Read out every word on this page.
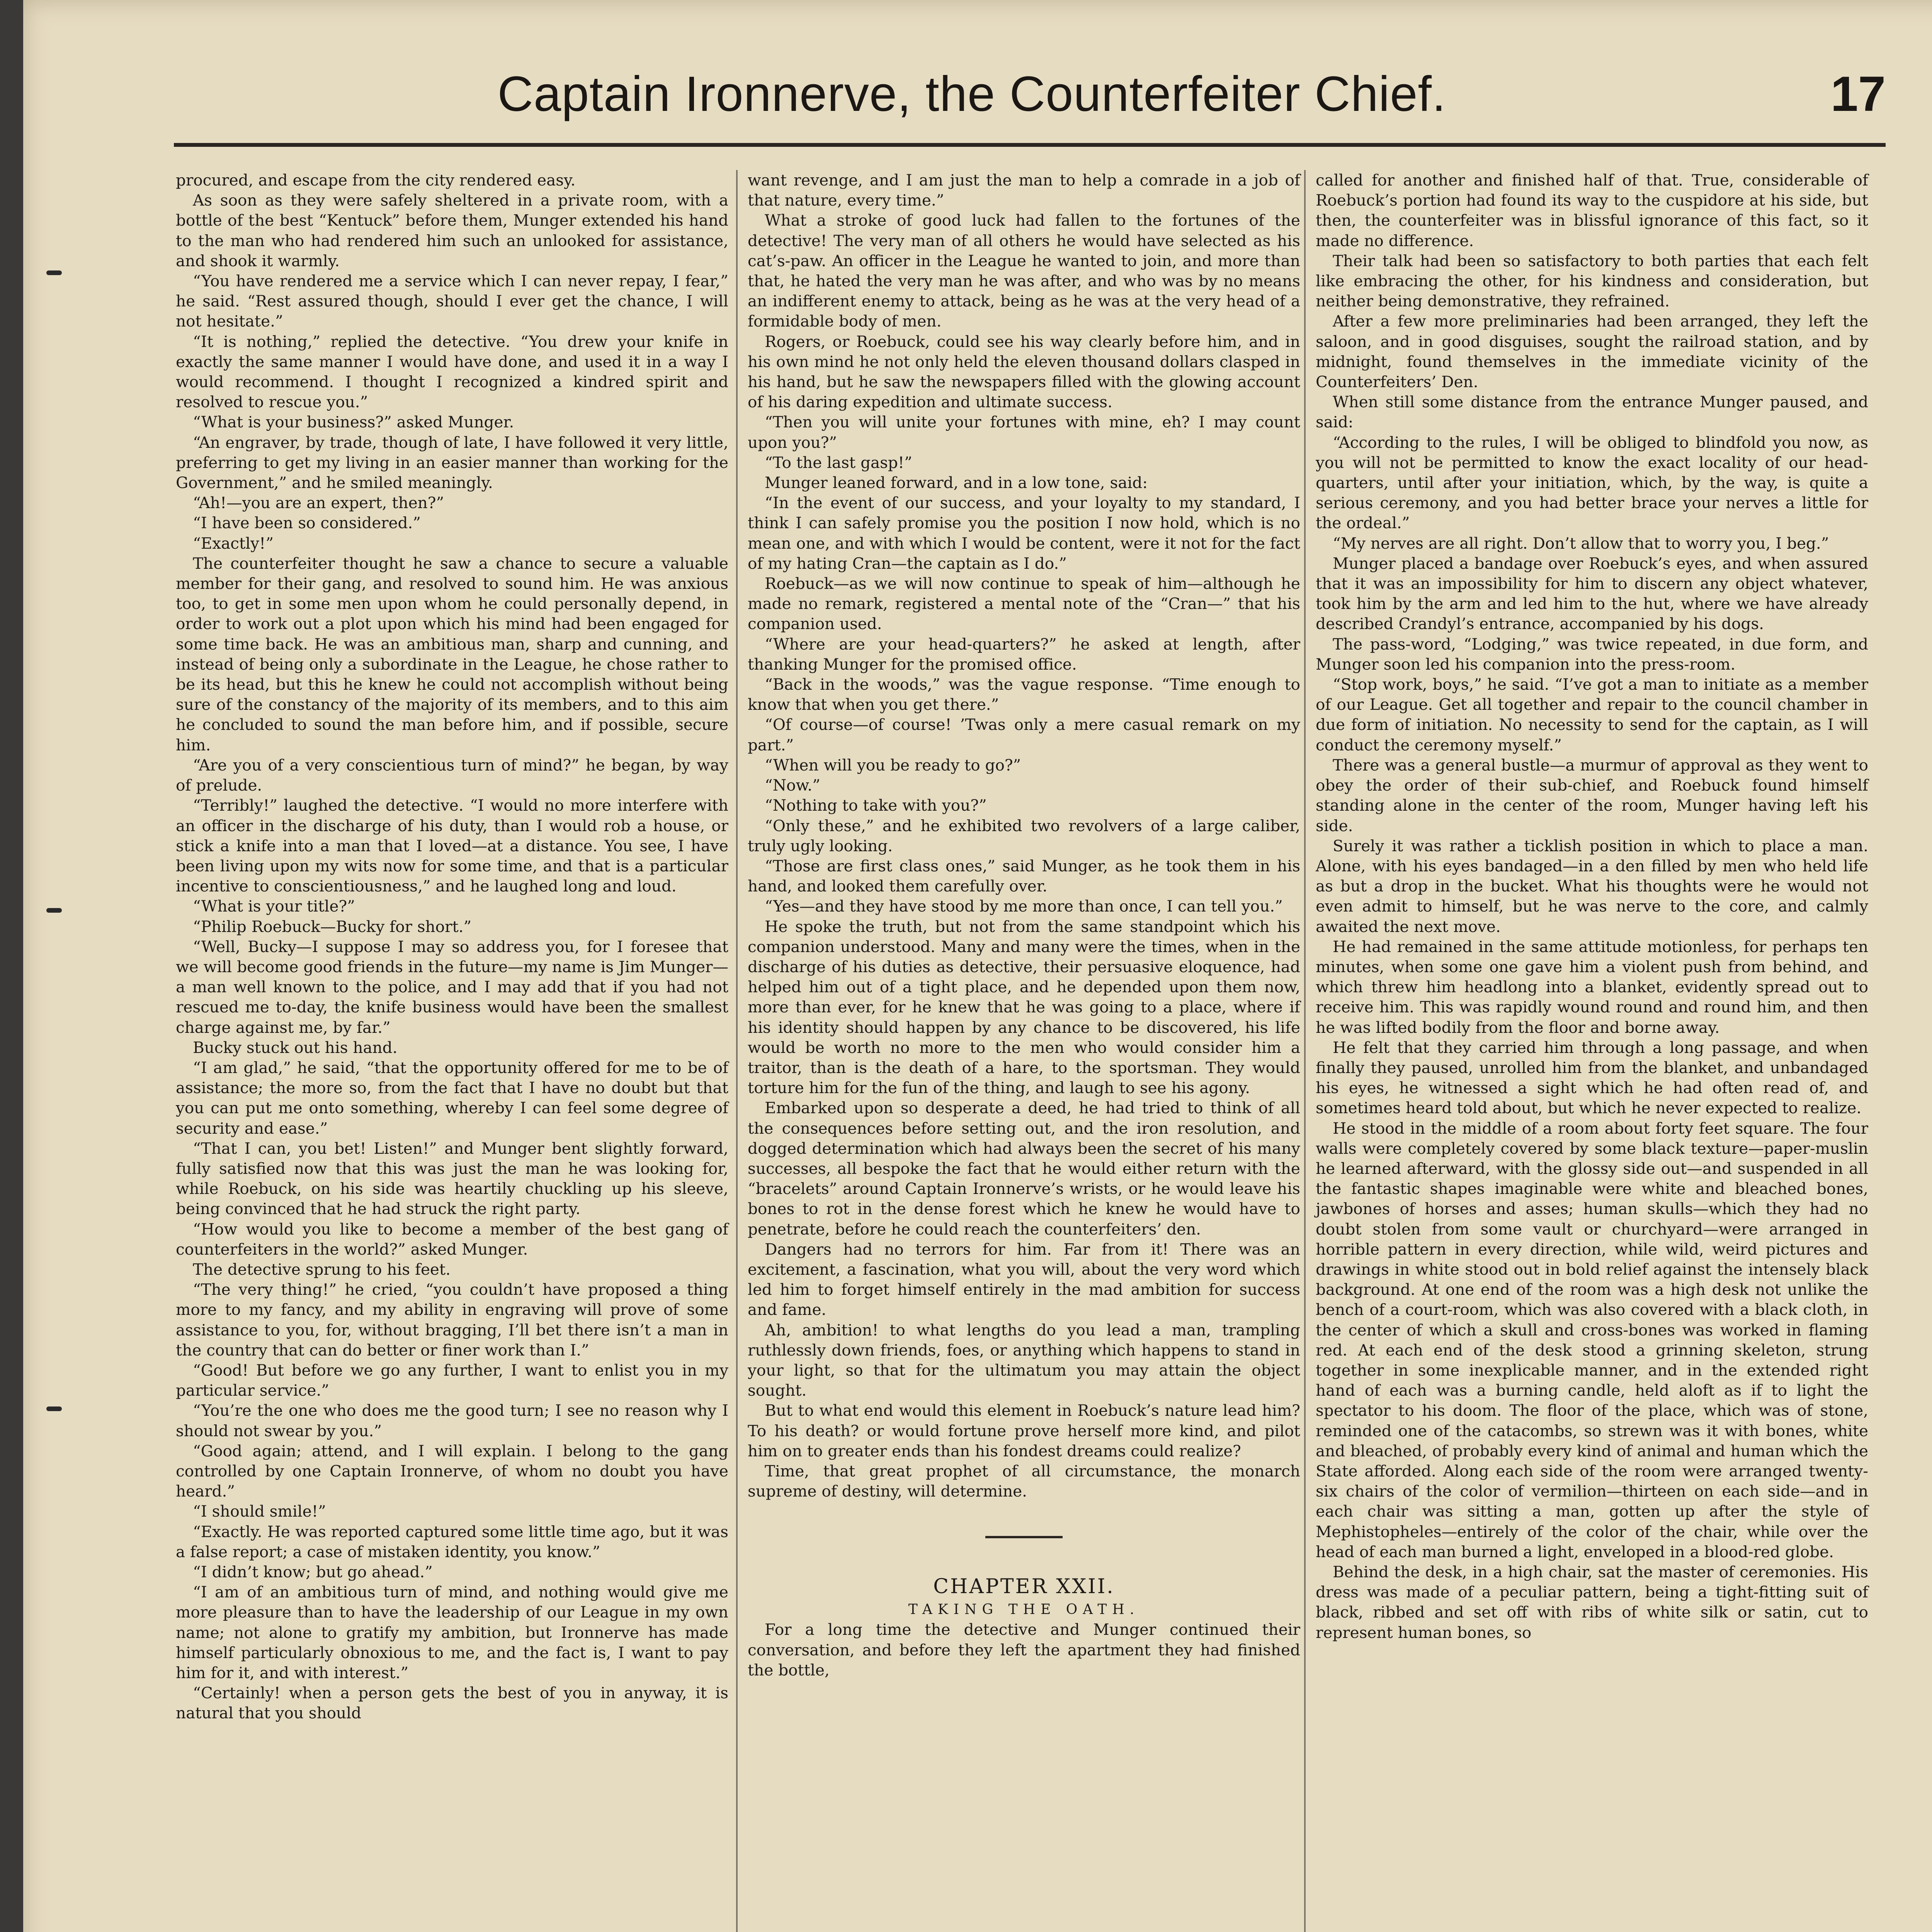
Captain Ironnerve, the Counterfeiter Chief.	17

procured, and escape from the city rendered easy.

As soon as they were safely sheltered in a private room, with a bottle of the best “Kentuck” before them, Munger extended his hand to the man who had rendered him such an unlooked for assistance, and shook it warmly.

“You have rendered me a service which I can never repay, I fear,” he said. “Rest assured though, should I ever get the chance, I will not hesitate.”

“It is nothing,” replied the detective. “You drew your knife in exactly the same manner I would have done, and used it in a way I would recommend. I thought I recognized a kindred spirit and resolved to rescue you.”

“What is your business?” asked Munger.

“An engraver, by trade, though of late, I have followed it very little, preferring to get my living in an easier manner than working for the Government,” and he smiled meaningly.

“Ah!—you are an expert, then?”

“I have been so considered.”

“Exactly!”

The counterfeiter thought he saw a chance to secure a valuable member for their gang, and resolved to sound him. He was anxious too, to get in some men upon whom he could personally depend, in order to work out a plot upon which his mind had been engaged for some time back. He was an ambitious man, sharp and cunning, and instead of being only a subordinate in the League, he chose rather to be its head, but this he knew he could not accomplish without being sure of the constancy of the majority of its members, and to this aim he concluded to sound the man before him, and if possible, secure him.

“Are you of a very conscientious turn of mind?” he began, by way of prelude.

“Terribly!” laughed the detective. “I would no more interfere with an officer in the discharge of his duty, than I would rob a house, or stick a knife into a man that I loved—at a distance. You see, I have been living upon my wits now for some time, and that is a particular incentive to conscientiousness,” and he laughed long and loud.

“What is your title?”

“Philip Roebuck—Bucky for short.”

“Well, Bucky—I suppose I may so address you, for I foresee that we will become good friends in the future—my name is Jim Munger—a man well known to the police, and I may add that if you had not rescued me to-day, the knife business would have been the smallest charge against me, by far.”

Bucky stuck out his hand.

“I am glad,” he said, “that the opportunity offered for me to be of assistance; the more so, from the fact that I have no doubt but that you can put me onto something, whereby I can feel some degree of security and ease.”

“That I can, you bet! Listen!” and Munger bent slightly forward, fully satisfied now that this was just the man he was looking for, while Roebuck, on his side was heartily chuckling up his sleeve, being convinced that he had struck the right party.

“How would you like to become a member of the best gang of counterfeiters in the world?” asked Munger.

The detective sprung to his feet.

“The very thing!” he cried, “you couldn’t have proposed a thing more to my fancy, and my ability in engraving will prove of some assistance to you, for, without bragging, I’ll bet there isn’t a man in the country that can do better or finer work than I.”

“Good! But before we go any further, I want to enlist you in my particular service.”

“You’re the one who does me the good turn; I see no reason why I should not swear by you.”

“Good again; attend, and I will explain. I belong to the gang controlled by one Captain Ironnerve, of whom no doubt you have heard.”

“I should smile!”

“Exactly. He was reported captured some little time ago, but it was a false report; a case of mistaken identity, you know.”

“I didn’t know; but go ahead.”

“I am of an ambitious turn of mind, and nothing would give me more pleasure than to have the leadership of our League in my own name; not alone to gratify my ambition, but Ironnerve has made himself particularly obnoxious to me, and the fact is, I want to pay him for it, and with interest.”

“Certainly! when a person gets the best of you in anyway, it is natural that you should

want revenge, and I am just the man to help a comrade in a job of that nature, every time.”

What a stroke of good luck had fallen to the fortunes of the detective! The very man of all others he would have selected as his cat’s-paw. An officer in the League he wanted to join, and more than that, he hated the very man he was after, and who was by no means an indifferent enemy to attack, being as he was at the very head of a formidable body of men.

Rogers, or Roebuck, could see his way clearly before him, and in his own mind he not only held the eleven thousand dollars clasped in his hand, but he saw the newspapers filled with the glowing account of his daring expedition and ultimate success.

“Then you will unite your fortunes with mine, eh? I may count upon you?”

“To the last gasp!”

Munger leaned forward, and in a low tone, said:

“In the event of our success, and your loyalty to my standard, I think I can safely promise you the position I now hold, which is no mean one, and with which I would be content, were it not for the fact of my hating Cran—the captain as I do.”

Roebuck—as we will now continue to speak of him—although he made no remark, registered a mental note of the “Cran—” that his companion used.

“Where are your head-quarters?” he asked at length, after thanking Munger for the promised office.

“Back in the woods,” was the vague response. “Time enough to know that when you get there.”

“Of course—of course! ’Twas only a mere casual remark on my part.”

“When will you be ready to go?”

“Now.”

“Nothing to take with you?”

“Only these,” and he exhibited two revolvers of a large caliber, truly ugly looking.

“Those are first class ones,” said Munger, as he took them in his hand, and looked them carefully over.

“Yes—and they have stood by me more than once, I can tell you.”

He spoke the truth, but not from the same standpoint which his companion understood. Many and many were the times, when in the discharge of his duties as detective, their persuasive eloquence, had helped him out of a tight place, and he depended upon them now, more than ever, for he knew that he was going to a place, where if his identity should happen by any chance to be discovered, his life would be worth no more to the men who would consider him a traitor, than is the death of a hare, to the sportsman. They would torture him for the fun of the thing, and laugh to see his agony.

Embarked upon so desperate a deed, he had tried to think of all the consequences before setting out, and the iron resolution, and dogged determination which had always been the secret of his many successes, all bespoke the fact that he would either return with the “bracelets” around Captain Ironnerve’s wrists, or he would leave his bones to rot in the dense forest which he knew he would have to penetrate, before he could reach the counterfeiters’ den.

Dangers had no terrors for him. Far from it! There was an excitement, a fascination, what you will, about the very word which led him to forget himself entirely in the mad ambition for success and fame.

Ah, ambition! to what lengths do you lead a man, trampling ruthlessly down friends, foes, or anything which happens to stand in your light, so that for the ultimatum you may attain the object sought.

But to what end would this element in Roebuck’s nature lead him? To his death? or would fortune prove herself more kind, and pilot him on to greater ends than his fondest dreams could realize?

Time, that great prophet of all circumstance, the monarch supreme of destiny, will determine.

CHAPTER XXII.

TAKING THE OATH.

For a long time the detective and Munger continued their conversation, and before they left the apartment they had finished the bottle,

called for another and finished half of that. True, considerable of Roebuck’s portion had found its way to the cuspidore at his side, but then, the counterfeiter was in blissful ignorance of this fact, so it made no difference.

Their talk had been so satisfactory to both parties that each felt like embracing the other, for his kindness and consideration, but neither being demonstrative, they refrained.

After a few more preliminaries had been arranged, they left the saloon, and in good disguises, sought the railroad station, and by midnight, found themselves in the immediate vicinity of the Counterfeiters’ Den.

When still some distance from the entrance Munger paused, and said:

“According to the rules, I will be obliged to blindfold you now, as you will not be permitted to know the exact locality of our head-quarters, until after your initiation, which, by the way, is quite a serious ceremony, and you had better brace your nerves a little for the ordeal.”

“My nerves are all right. Don’t allow that to worry you, I beg.”

Munger placed a bandage over Roebuck’s eyes, and when assured that it was an impossibility for him to discern any object whatever, took him by the arm and led him to the hut, where we have already described Crandyl’s entrance, accompanied by his dogs.

The pass-word, “Lodging,” was twice repeated, in due form, and Munger soon led his companion into the press-room.

“Stop work, boys,” he said. “I’ve got a man to initiate as a member of our League. Get all together and repair to the council chamber in due form of initiation. No necessity to send for the captain, as I will conduct the ceremony myself.”

There was a general bustle—a murmur of approval as they went to obey the order of their sub-chief, and Roebuck found himself standing alone in the center of the room, Munger having left his side.

Surely it was rather a ticklish position in which to place a man. Alone, with his eyes bandaged—in a den filled by men who held life as but a drop in the bucket. What his thoughts were he would not even admit to himself, but he was nerve to the core, and calmly awaited the next move.

He had remained in the same attitude motionless, for perhaps ten minutes, when some one gave him a violent push from behind, and which threw him headlong into a blanket, evidently spread out to receive him. This was rapidly wound round and round him, and then he was lifted bodily from the floor and borne away.

He felt that they carried him through a long passage, and when finally they paused, unrolled him from the blanket, and unbandaged his eyes, he witnessed a sight which he had often read of, and sometimes heard told about, but which he never expected to realize.

He stood in the middle of a room about forty feet square. The four walls were completely covered by some black texture—paper-muslin he learned afterward, with the glossy side out—and suspended in all the fantastic shapes imaginable were white and bleached bones, jawbones of horses and asses; human skulls—which they had no doubt stolen from some vault or churchyard—were arranged in horrible pattern in every direction, while wild, weird pictures and drawings in white stood out in bold relief against the intensely black background. At one end of the room was a high desk not unlike the bench of a court-room, which was also covered with a black cloth, in the center of which a skull and cross-bones was worked in flaming red. At each end of the desk stood a grinning skeleton, strung together in some inexplicable manner, and in the extended right hand of each was a burning candle, held aloft as if to light the spectator to his doom. The floor of the place, which was of stone, reminded one of the catacombs, so strewn was it with bones, white and bleached, of probably every kind of animal and human which the State afforded. Along each side of the room were arranged twenty-six chairs of the color of vermilion—thirteen on each side—and in each chair was sitting a man, gotten up after the style of Mephistopheles—entirely of the color of the chair, while over the head of each man burned a light, enveloped in a blood-red globe.

Behind the desk, in a high chair, sat the master of ceremonies. His dress was made of a peculiar pattern, being a tight-fitting suit of black, ribbed and set off with ribs of white silk or satin, cut to represent human bones, so
